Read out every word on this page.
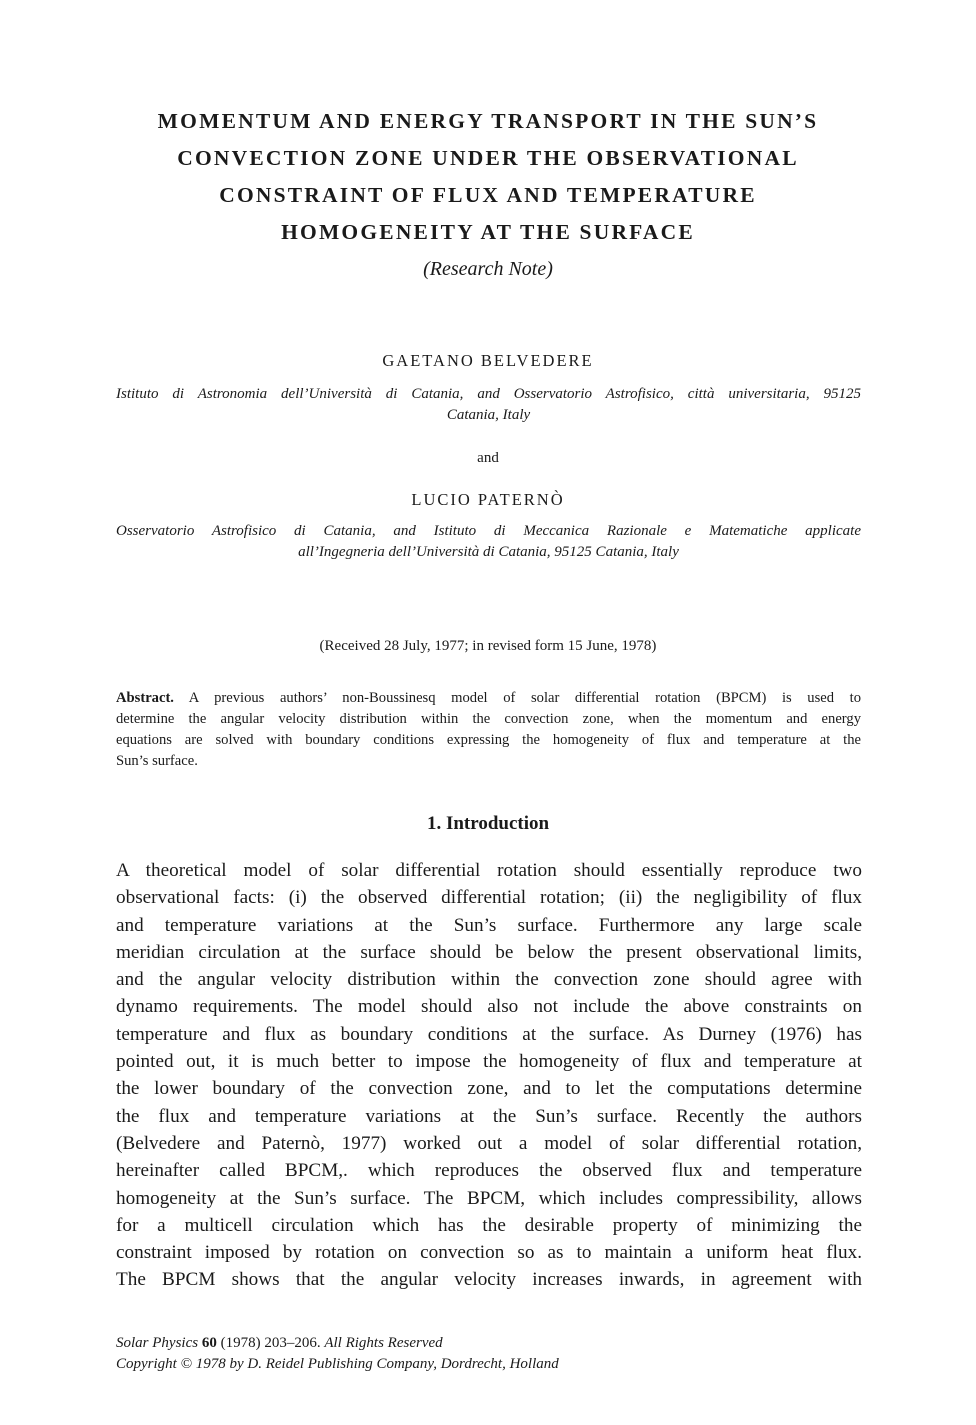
MOMENTUM AND ENERGY TRANSPORT IN THE SUN’S
CONVECTION ZONE UNDER THE OBSERVATIONAL
CONSTRAINT OF FLUX AND TEMPERATURE
HOMOGENEITY AT THE SURFACE
(Research Note)
GAETANO BELVEDERE
Istituto di Astronomia dell’Università di Catania, and Osservatorio Astrofisico, città universitaria, 95125
Catania, Italy
and
LUCIO PATERNÒ
Osservatorio Astrofisico di Catania, and Istituto di Meccanica Razionale e Matematiche applicate
all’Ingegneria dell’Università di Catania, 95125 Catania, Italy
(Received 28 July, 1977; in revised form 15 June, 1978)
Abstract. A previous authors’ non-Boussinesq model of solar differential rotation (BPCM) is used to
determine the angular velocity distribution within the convection zone, when the momentum and energy
equations are solved with boundary conditions expressing the homogeneity of flux and temperature at the
Sun’s surface.
1. Introduction
A theoretical model of solar differential rotation should essentially reproduce two
observational facts: (i) the observed differential rotation; (ii) the negligibility of flux
and temperature variations at the Sun’s surface. Furthermore any large scale
meridian circulation at the surface should be below the present observational limits,
and the angular velocity distribution within the convection zone should agree with
dynamo requirements. The model should also not include the above constraints on
temperature and flux as boundary conditions at the surface. As Durney (1976) has
pointed out, it is much better to impose the homogeneity of flux and temperature at
the lower boundary of the convection zone, and to let the computations determine
the flux and temperature variations at the Sun’s surface. Recently the authors
(Belvedere and Paternò, 1977) worked out a model of solar differential rotation,
hereinafter called BPCM,. which reproduces the observed flux and temperature
homogeneity at the Sun’s surface. The BPCM, which includes compressibility, allows
for a multicell circulation which has the desirable property of minimizing the
constraint imposed by rotation on convection so as to maintain a uniform heat flux.
The BPCM shows that the angular velocity increases inwards, in agreement with
Solar Physics 60 (1978) 203–206. All Rights Reserved
Copyright © 1978 by D. Reidel Publishing Company, Dordrecht, Holland
